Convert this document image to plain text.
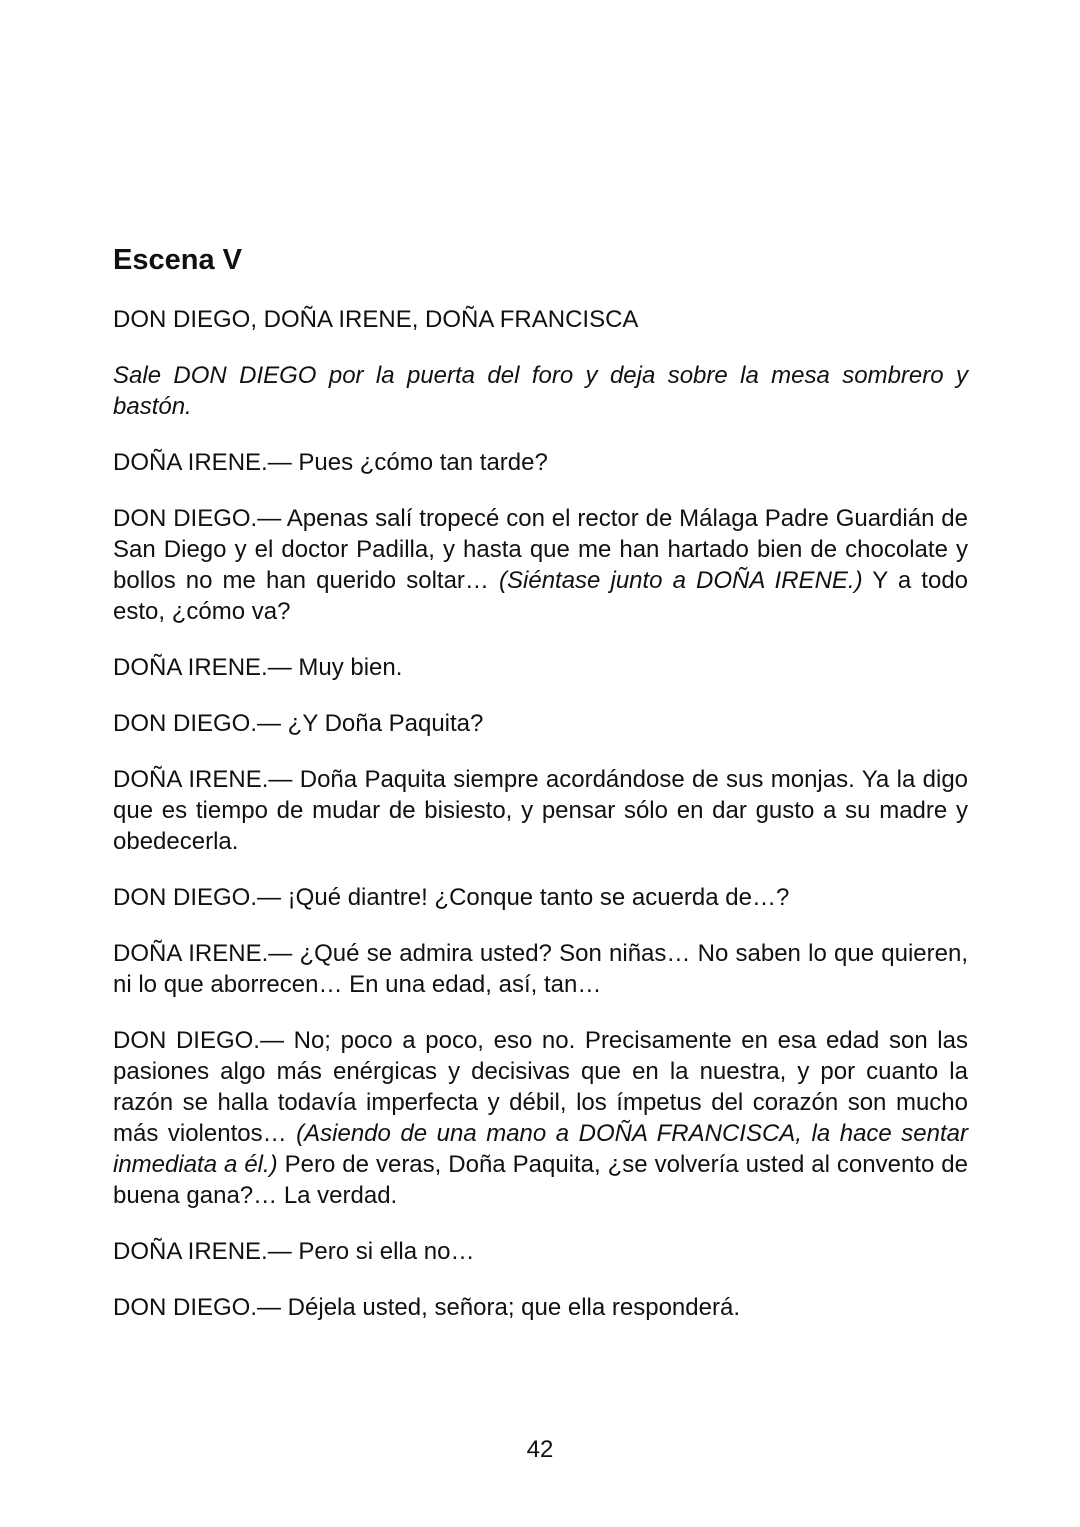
Escena V

DON DIEGO, DOÑA IRENE, DOÑA FRANCISCA

Sale DON DIEGO por la puerta del foro y deja sobre la mesa sombrero y bastón.

DOÑA IRENE.— Pues ¿cómo tan tarde?

DON DIEGO.— Apenas salí tropecé con el rector de Málaga Padre Guardián de San Diego y el doctor Padilla, y hasta que me han hartado bien de chocolate y bollos no me han querido soltar… (Siéntase junto a DOÑA IRENE.) Y a todo esto, ¿cómo va?

DOÑA IRENE.— Muy bien.

DON DIEGO.— ¿Y Doña Paquita?

DOÑA IRENE.— Doña Paquita siempre acordándose de sus monjas. Ya la digo que es tiempo de mudar de bisiesto, y pensar sólo en dar gusto a su madre y obedecerla.

DON DIEGO.— ¡Qué diantre! ¿Conque tanto se acuerda de…?

DOÑA IRENE.— ¿Qué se admira usted? Son niñas… No saben lo que quieren, ni lo que aborrecen… En una edad, así, tan…

DON DIEGO.— No; poco a poco, eso no. Precisamente en esa edad son las pasiones algo más enérgicas y decisivas que en la nuestra, y por cuanto la razón se halla todavía imperfecta y débil, los ímpetus del corazón son mucho más violentos… (Asiendo de una mano a DOÑA FRANCISCA, la hace sentar inmediata a él.) Pero de veras, Doña Paquita, ¿se volvería usted al convento de buena gana?… La verdad.

DOÑA IRENE.— Pero si ella no…

DON DIEGO.— Déjela usted, señora; que ella responderá.

42
